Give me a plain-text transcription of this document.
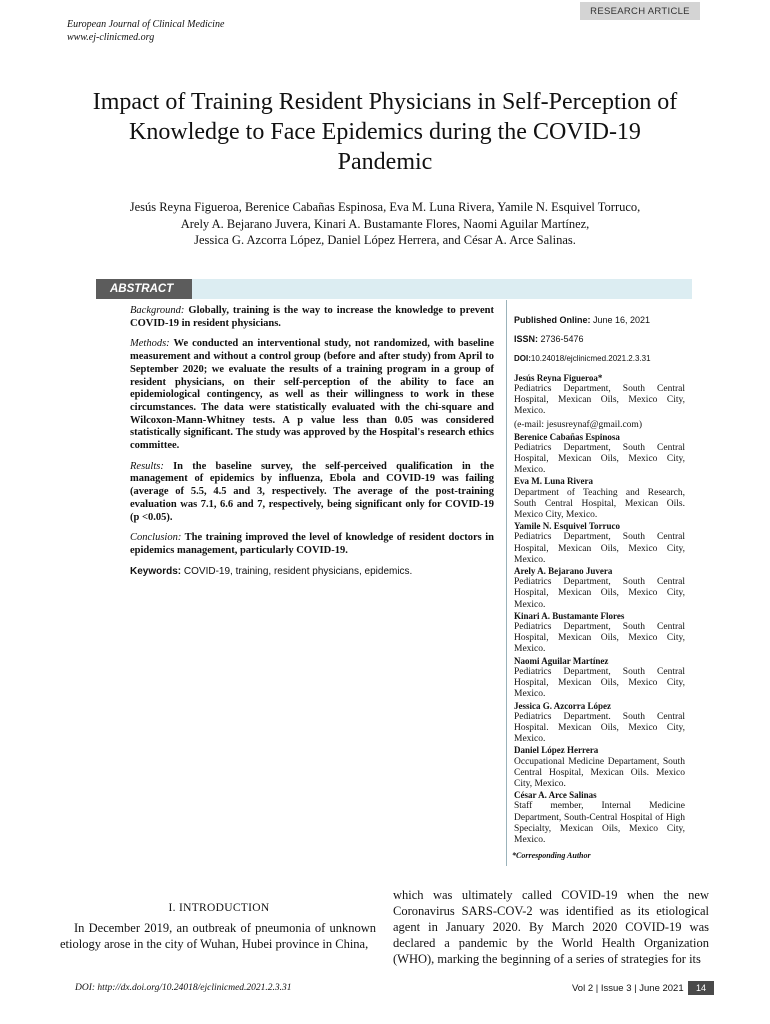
RESEARCH ARTICLE
European Journal of Clinical Medicine
www.ej-clinicmed.org
Impact of Training Resident Physicians in Self-Perception of Knowledge to Face Epidemics during the COVID-19 Pandemic
Jesús Reyna Figueroa, Berenice Cabañas Espinosa, Eva M. Luna Rivera, Yamile N. Esquivel Torruco,
Arely A. Bejarano Juvera, Kinari A. Bustamante Flores, Naomi Aguilar Martínez,
Jessica G. Azcorra López, Daniel López Herrera, and César A. Arce Salinas.
ABSTRACT

Background: Globally, training is the way to increase the knowledge to prevent COVID-19 in resident physicians.

Methods: We conducted an interventional study, not randomized, with baseline measurement and without a control group (before and after study) from April to September 2020; we evaluate the results of a training program in a group of resident physicians, on their self-perception of the ability to face an epidemiological contingency, as well as their willingness to work in these circumstances. The data were statistically evaluated with the chi-square and Wilcoxon-Mann-Whitney tests. A p value less than 0.05 was considered statistically significant. The study was approved by the Hospital's research ethics committee.

Results: In the baseline survey, the self-perceived qualification in the management of epidemics by influenza, Ebola and COVID-19 was failing (average of 5.5, 4.5 and 3, respectively. The average of the post-training evaluation was 7.1, 6.6 and 7, respectively, being significant only for COVID-19 (p <0.05).

Conclusion: The training improved the level of knowledge of resident doctors in epidemics management, particularly COVID-19.

Keywords: COVID-19, training, resident physicians, epidemics.

Published Online: June 16, 2021
ISSN: 2736-5476
DOI:10.24018/ejclinicmed.2021.2.3.31
Jesús Reyna Figueroa*
Pediatrics Department, South Central Hospital, Mexican Oils, Mexico City, Mexico.
(e-mail: jesusreynaf@gmail.com)
Berenice Cabañas Espinosa
Pediatrics Department, South Central Hospital, Mexican Oils, Mexico City, Mexico.
Eva M. Luna Rivera
Department of Teaching and Research, South Central Hospital, Mexican Oils. Mexico City, Mexico.
Yamile N. Esquivel Torruco
Pediatrics Department, South Central Hospital, Mexican Oils, Mexico City, Mexico.
Arely A. Bejarano Juvera
Pediatrics Department, South Central Hospital, Mexican Oils, Mexico City, Mexico.
Kinari A. Bustamante Flores
Pediatrics Department, South Central Hospital, Mexican Oils, Mexico City, Mexico.
Naomi Aguilar Martínez
Pediatrics Department, South Central Hospital, Mexican Oils, Mexico City, Mexico.
Jessica G. Azcorra López
Pediatrics Department. South Central Hospital. Mexican Oils, Mexico City, Mexico.
Daniel López Herrera
Occupational Medicine Departament, South Central Hospital, Mexican Oils. Mexico City, Mexico.
César A. Arce Salinas
Staff member, Internal Medicine Department, South-Central Hospital of High Specialty, Mexican Oils, Mexico City, Mexico.
*Corresponding Author
I. INTRODUCTION
In December 2019, an outbreak of pneumonia of unknown etiology arose in the city of Wuhan, Hubei province in China,
which was ultimately called COVID-19 when the new Coronavirus SARS-COV-2 was identified as its etiological agent in January 2020. By March 2020 COVID-19 was declared a pandemic by the World Health Organization (WHO), marking the beginning of a series of strategies for its
DOI: http://dx.doi.org/10.24018/ejclinicmed.2021.2.3.31	Vol 2 | Issue 3 | June 2021	14
